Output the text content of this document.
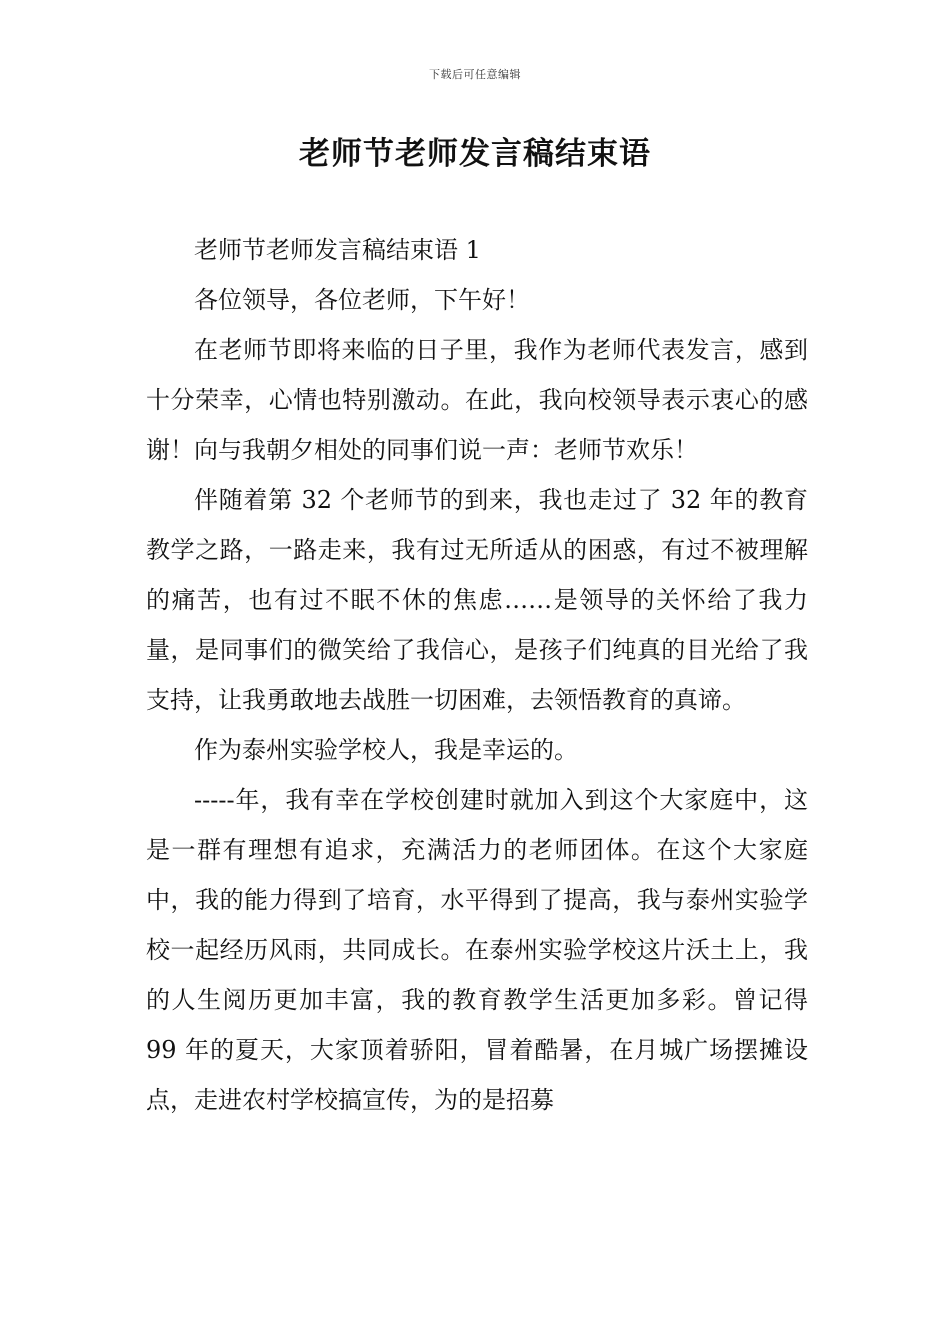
下载后可任意编辑
老师节老师发言稿结束语

老师节老师发言稿结束语 1

各位领导，各位老师，下午好！

在老师节即将来临的日子里，我作为老师代表发言，感到十分荣幸，心情也特别激动。在此，我向校领导表示衷心的感谢！向与我朝夕相处的同事们说一声：老师节欢乐！

伴随着第 32 个老师节的到来，我也走过了 32 年的教育教学之路，一路走来，我有过无所适从的困惑，有过不被理解的痛苦，也有过不眠不休的焦虑……是领导的关怀给了我力量，是同事们的微笑给了我信心，是孩子们纯真的目光给了我支持，让我勇敢地去战胜一切困难，去领悟教育的真谛。

作为泰州实验学校人，我是幸运的。

-----年，我有幸在学校创建时就加入到这个大家庭中，这是一群有理想有追求，充满活力的老师团体。在这个大家庭中，我的能力得到了培育，水平得到了提高，我与泰州实验学校一起经历风雨，共同成长。在泰州实验学校这片沃土上，我的人生阅历更加丰富，我的教育教学生活更加多彩。曾记得 99 年的夏天，大家顶着骄阳，冒着酷暑，在月城广场摆摊设点，走进农村学校搞宣传，为的是招募
